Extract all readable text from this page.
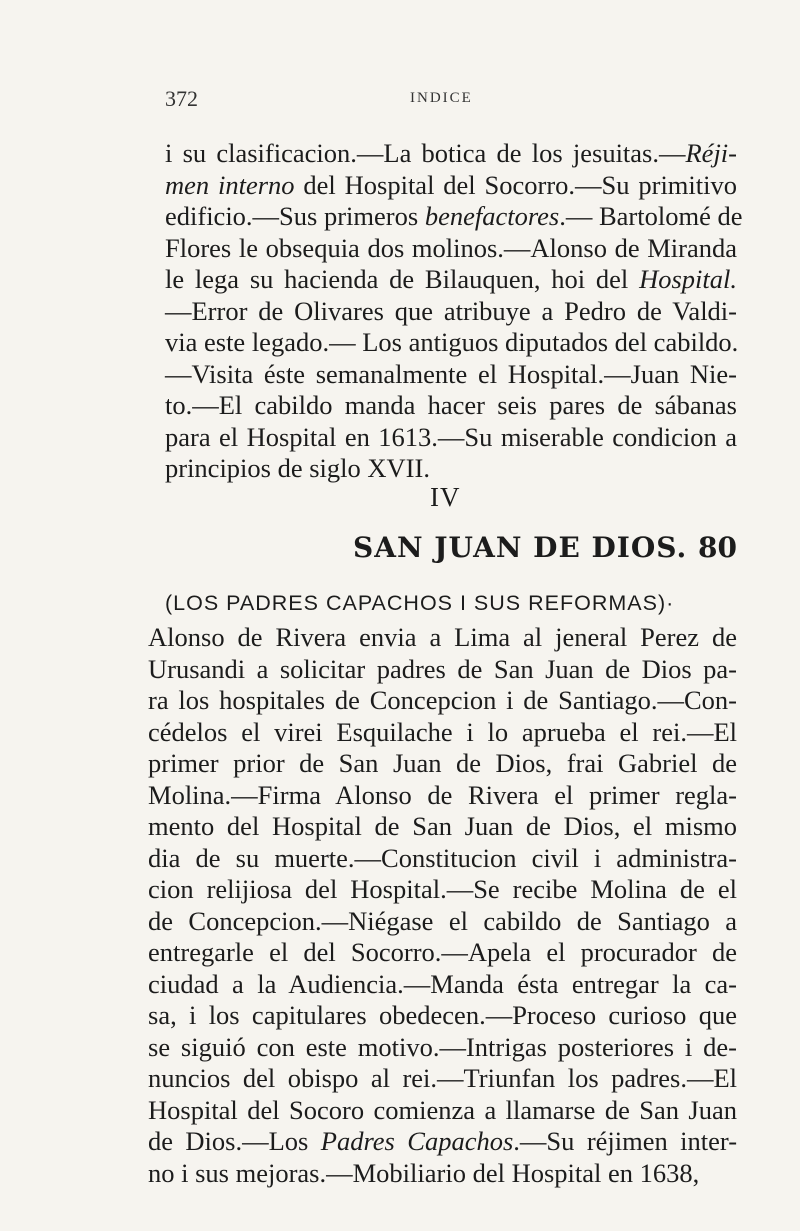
372	INDICE
i su clasificacion.—La botica de los jesuitas.—Réji-
men interno del Hospital del Socorro.—Su primitivo
edificio.—Sus primeros benefactores.— Bartolomé de
Flores le obsequia dos molinos.—Alonso de Miranda
le lega su hacienda de Bilauquen, hoi del Hospital.
—Error de Olivares que atribuye a Pedro de Valdi-
via este legado.— Los antiguos diputados del cabildo.
—Visita éste semanalmente el Hospital.—Juan Nie-
to.—El cabildo manda hacer seis pares de sábanas
para el Hospital en 1613.—Su miserable condicion a
principios de siglo XVII.
IV
SAN JUAN DE DIOS. 80
(LOS PADRES CAPACHOS I SUS REFORMAS)·
Alonso de Rivera envia a Lima al jeneral Perez de
Urusandi a solicitar padres de San Juan de Dios pa-
ra los hospitales de Concepcion i de Santiago.—Con-
cédelos el virei Esquilache i lo aprueba el rei.—El
primer prior de San Juan de Dios, frai Gabriel de
Molina.—Firma Alonso de Rivera el primer regla-
mento del Hospital de San Juan de Dios, el mismo
dia de su muerte.—Constitucion civil i administra-
cion relijiosa del Hospital.—Se recibe Molina de el
de Concepcion.—Niégase el cabildo de Santiago a
entregarle el del Socorro.—Apela el procurador de
ciudad a la Audiencia.—Manda ésta entregar la ca-
sa, i los capitulares obedecen.—Proceso curioso que
se siguió con este motivo.—Intrigas posteriores i de-
nuncios del obispo al rei.—Triunfan los padres.—El
Hospital del Socoro comienza a llamarse de San Juan
de Dios.—Los Padres Capachos.—Su réjimen inter-
no i sus mejoras.—Mobiliario del Hospital en 1638,
